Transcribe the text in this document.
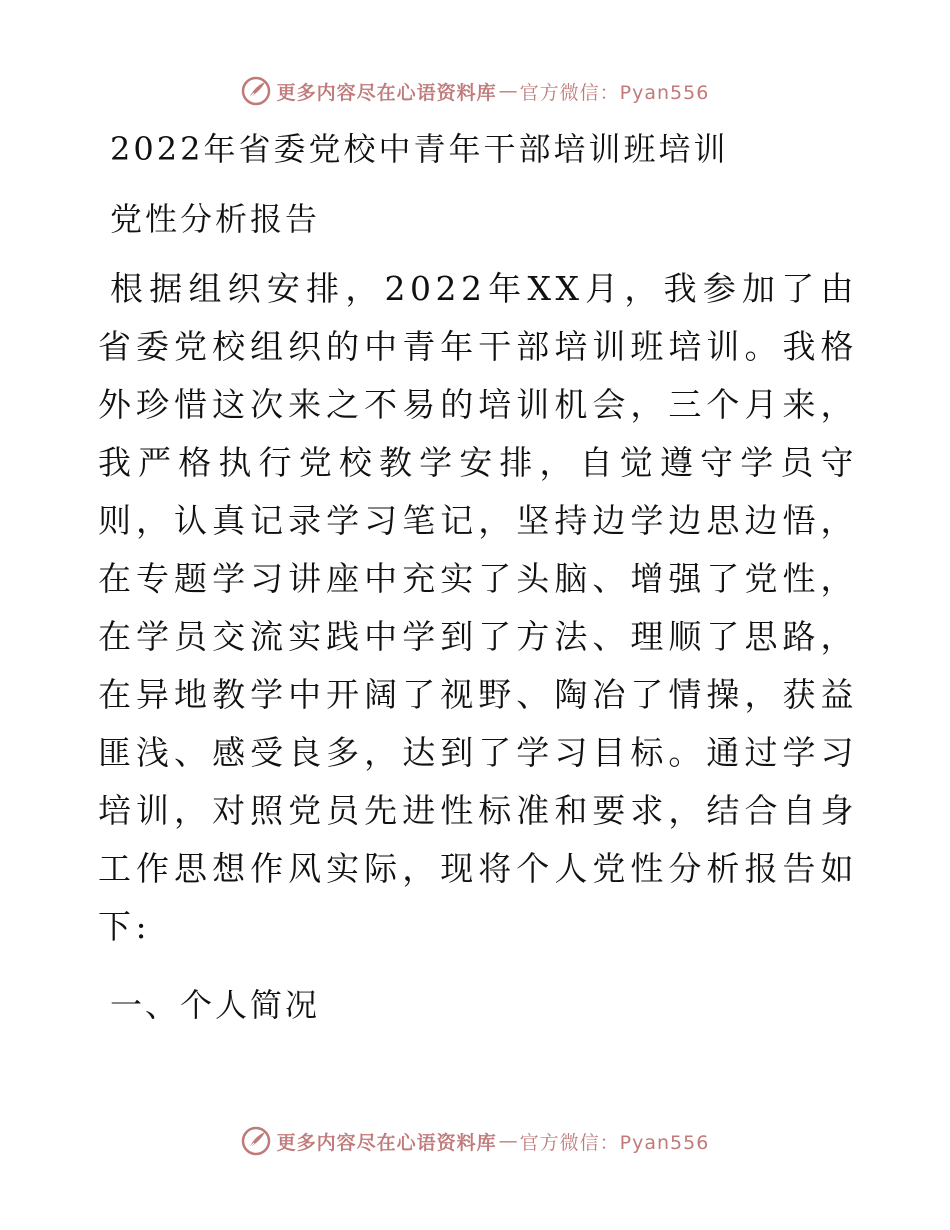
更多内容尽在心语资料库 — 官方微信：Pyan556
2022年省委党校中青年干部培训班培训
党性分析报告

根据组织安排，2022年XX月，我参加了由省委党校组织的中青年干部培训班培训。我格外珍惜这次来之不易的培训机会，三个月来，我严格执行党校教学安排，自觉遵守学员守则，认真记录学习笔记，坚持边学边思边悟，在专题学习讲座中充实了头脑、增强了党性，在学员交流实践中学到了方法、理顺了思路，在异地教学中开阔了视野、陶冶了情操，获益匪浅、感受良多，达到了学习目标。通过学习培训，对照党员先进性标准和要求，结合自身工作思想作风实际，现将个人党性分析报告如下:

一、个人简况
更多内容尽在心语资料库 — 官方微信：Pyan556
